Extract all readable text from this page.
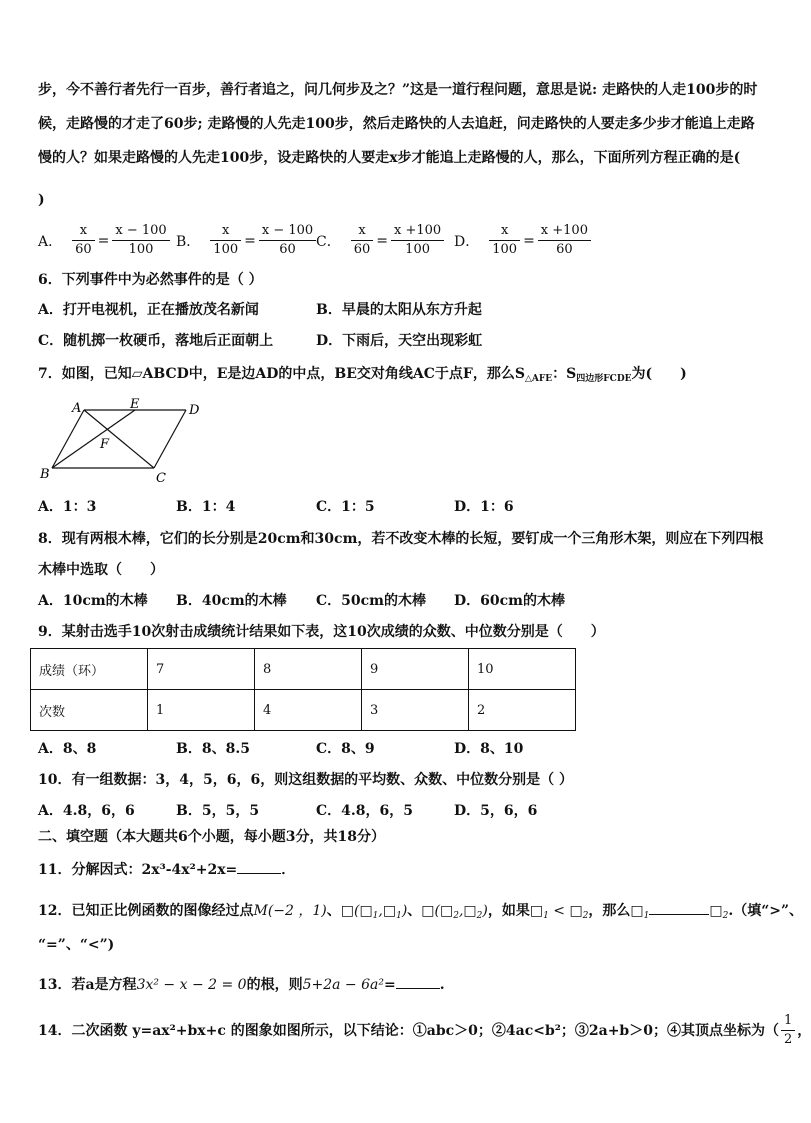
步，今不善行者先行一百步，善行者追之，问几何步及之？”这是一道行程问题，意思是说: 走路快的人走100步的时
候，走路慢的才走了60步; 走路慢的人先走100步，然后走路快的人去追赶，问走路快的人要走多少步才能追上走路
慢的人？如果走路慢的人先走100步，设走路快的人要走x步才能追上走路慢的人，那么，下面所列方程正确的是(
)
A． $\frac{x}{60} = \frac{x - 100}{100}$ B． $\frac{x}{100} = \frac{x - 100}{60}$ C． $\frac{x}{60} = \frac{x +100}{100}$ D． $\frac{x}{100} = \frac{x +100}{60}$
6．下列事件中为必然事件的是（ ）
A．打开电视机，正在播放茂名新闻	B．早晨的太阳从东方升起
C．随机掷一枚硬币，落地后正面朝上	D．下雨后，天空出现彩虹
7．如图，已知▱ABCD中，E是边AD的中点，BE交对角线AC于点F，那么$S_{\triangle AFE}$：$S_{四边形FCDE}$为(　　)
A	E	D
F
B	C
A．1：3	B．1：4	C．1：5	D．1：6
8．现有两根木棒，它们的长分别是20cm和30cm，若不改变木棒的长短，要钉成一个三角形木架，则应在下列四根
木棒中选取（　　）
A．10cm的木棒 B．40cm的木棒 C．50cm的木棒 D．60cm的木棒
9．某射击选手10次射击成绩统计结果如下表，这10次成绩的众数、中位数分别是（　　）
成绩（环）	7	8	9	10
次数	1	4	3	2
A．8、8	B．8、8.5	C．8、9	D．8、10
10．有一组数据：3，4，5，6，6，则这组数据的平均数、众数、中位数分别是（ ）
A．4.8，6，6	B．5，5，5	C．4.8，6，5	D．5，6，6
二、填空题（本大题共6个小题，每小题3分，共18分）
11．分解因式：2x³-4x²+2x=	．
12．已知正比例函数的图像经过点M(−2 ，1)、$□(□_1,□_1)$、$□(□_2,□_2)$，如果$□_1$ < $□_2$，那么$□_1$	$□_2$.（填“>”、
“=”、“<”)
13．若a是方程3x² − x − 2 = 0的根，则5+2a − 6a²=	.
14．二次函数 y=ax²+bx+c 的图象如图所示，以下结论：①abc＞0；②4ac<b²；③2a+b＞0；④其顶点坐标为（ $\frac{1}{2}$ ，
